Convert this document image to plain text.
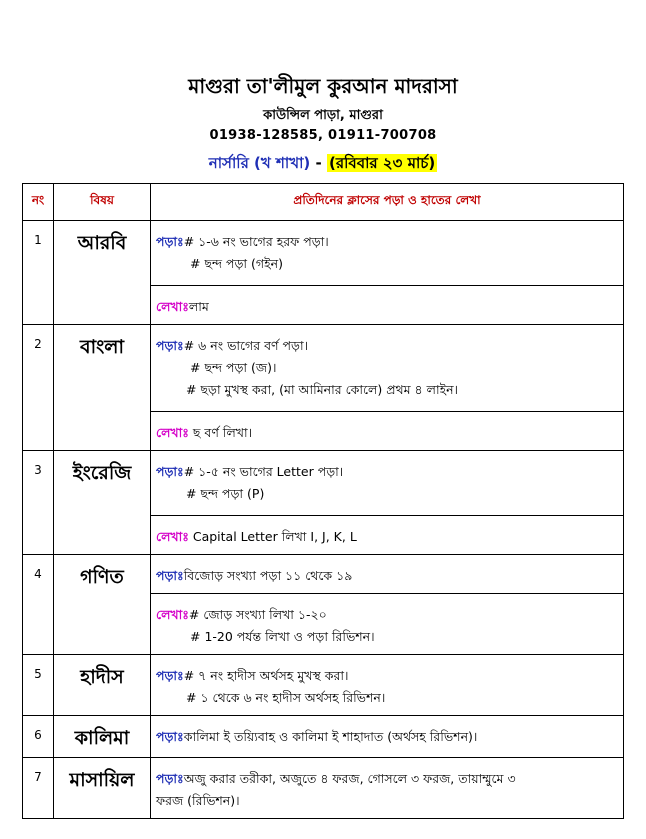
মাগুরা তা'লীমুল কুরআন মাদরাসা
কাউন্সিল পাড়া, মাগুরা
01938-128585, 01911-700708
নার্সারি (খ শাখা) - (রবিবার ২৩ মার্চ)
নং	বিষয়	প্রতিদিনের ক্লাসের পড়া ও হাতের লেখা
1	আরবি	পড়াঃ# ১-৬ নং ভাগের হরফ পড়া।
# ছন্দ পড়া (গইন)

		লেখাঃলাম
2	বাংলা	পড়াঃ# ৬ নং ভাগের বর্ণ পড়া।
# ছন্দ পড়া (জ)।
# ছড়া মুখস্থ করা, (মা আমিনার কোলে) প্রথম ৪ লাইন।

		লেখাঃ ছ বর্ণ লিখা।
3	ইংরেজি	পড়াঃ# ১-৫ নং ভাগের Letter পড়া।
# ছন্দ পড়া (P)

		লেখাঃ Capital Letter লিখা I, J, K, L
4	গণিত	পড়াঃবিজোড় সংখ্যা পড়া ১১ থেকে ১৯

		লেখাঃ# জোড় সংখ্যা লিখা ১-২০
# 1-20 পর্যন্ত লিখা ও পড়া রিভিশন।

5	হাদীস	পড়াঃ# ৭ নং হাদীস অর্থসহ মুখস্থ করা।
# ১ থেকে ৬ নং হাদীস অর্থসহ রিভিশন।

6	কালিমা	পড়াঃকালিমা ই তয়্যিবাহ ও কালিমা ই শাহাদাত (অর্থসহ রিভিশন)।
7	মাসায়িল	পড়াঃঅজু করার তরীকা, অজুতে ৪ ফরজ, গোসলে ৩ ফরজ, তায়াম্মুমে ৩
ফরজ (রিভিশন)।
